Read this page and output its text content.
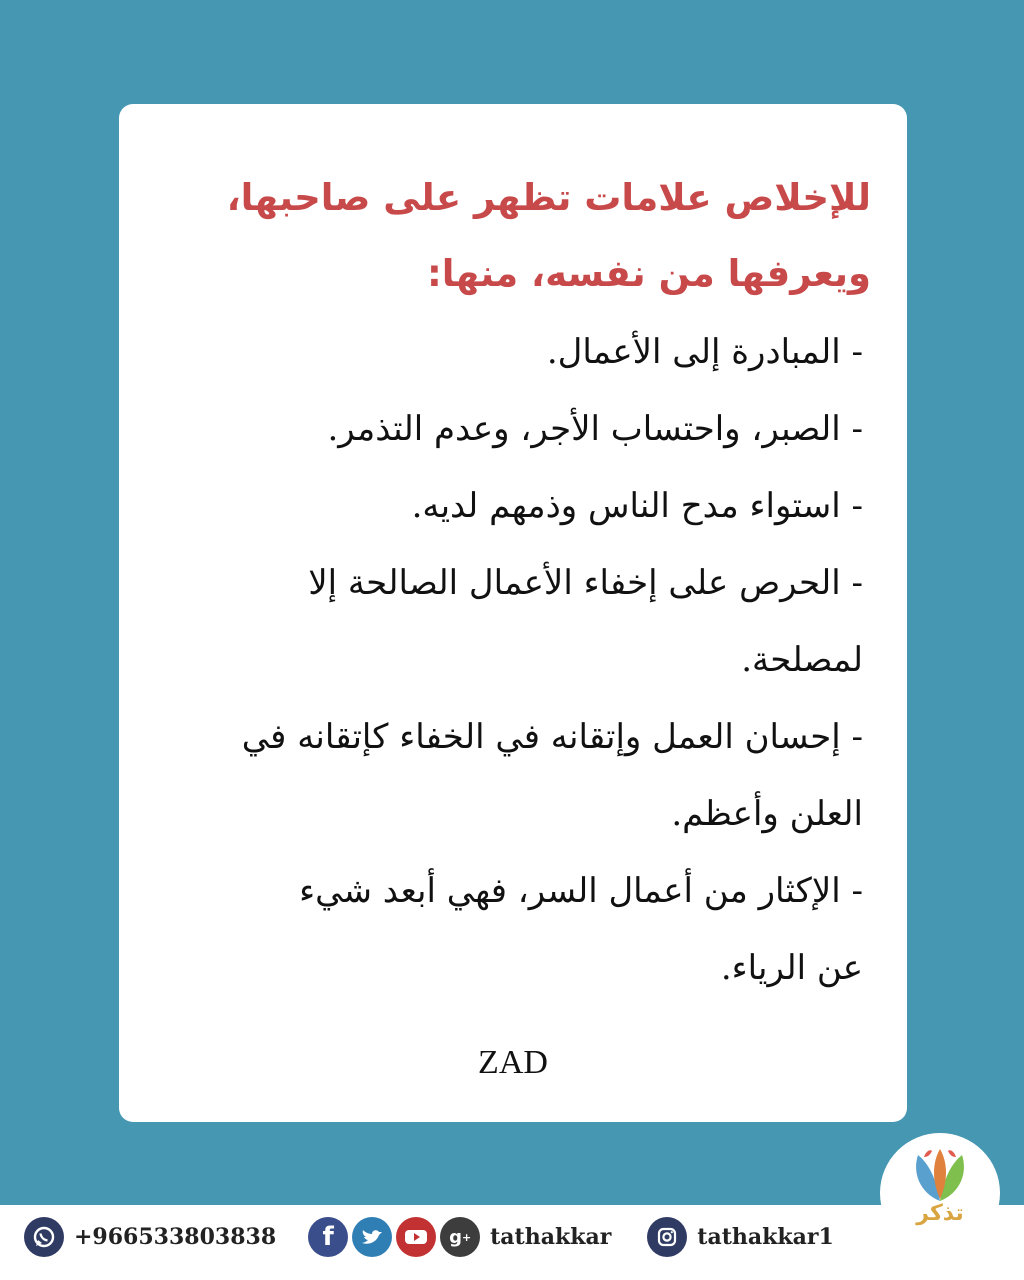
للإخلاص علامات تظهر على صاحبها،
ويعرفها من نفسه، منها:
- المبادرة إلى الأعمال.
- الصبر، واحتساب الأجر، وعدم التذمر.
- استواء مدح الناس وذمهم لديه.
- الحرص على إخفاء الأعمال الصالحة إلا
لمصلحة.
- إحسان العمل وإتقانه في الخفاء كإتقانه في
العلن وأعظم.
- الإكثار من أعمال السر، فهي أبعد شيء
عن الرياء.
ZAD
تذكر
+966533803838	f	g + tathakkar	tathakkar1
